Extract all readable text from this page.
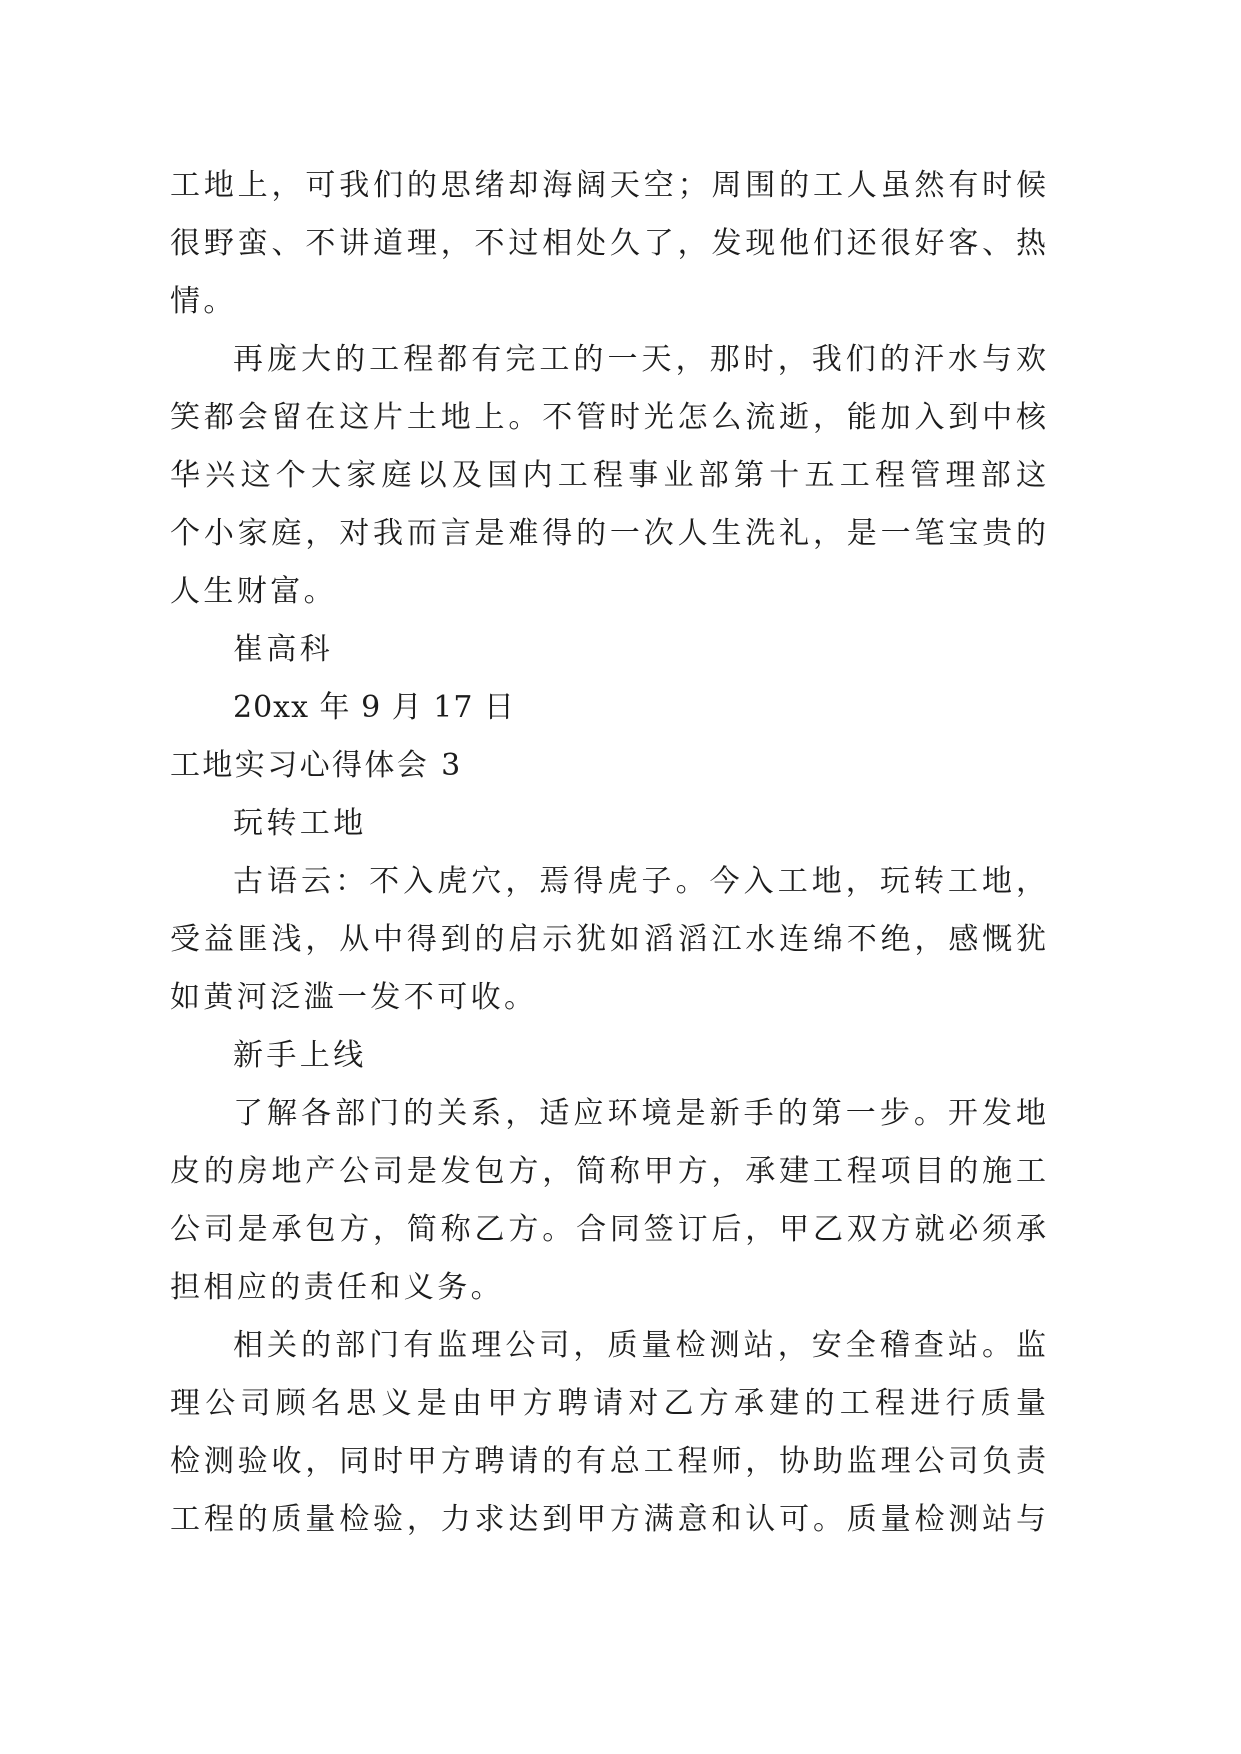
工地上，可我们的思绪却海阔天空；周围的工人虽然有时候
很野蛮、不讲道理，不过相处久了，发现他们还很好客、热
情。
再庞大的工程都有完工的一天，那时，我们的汗水与欢
笑都会留在这片土地上。不管时光怎么流逝，能加入到中核
华兴这个大家庭以及国内工程事业部第十五工程管理部这
个小家庭，对我而言是难得的一次人生洗礼，是一笔宝贵的
人生财富。
崔高科
20xx 年 9 月 17 日
工地实习心得体会 3
玩转工地
古语云：不入虎穴，焉得虎子。今入工地，玩转工地，
受益匪浅，从中得到的启示犹如滔滔江水连绵不绝，感慨犹
如黄河泛滥一发不可收。
新手上线
了解各部门的关系，适应环境是新手的第一步。开发地
皮的房地产公司是发包方，简称甲方，承建工程项目的施工
公司是承包方，简称乙方。合同签订后，甲乙双方就必须承
担相应的责任和义务。
相关的部门有监理公司，质量检测站，安全稽查站。监
理公司顾名思义是由甲方聘请对乙方承建的工程进行质量
检测验收，同时甲方聘请的有总工程师，协助监理公司负责
工程的质量检验，力求达到甲方满意和认可。质量检测站与
